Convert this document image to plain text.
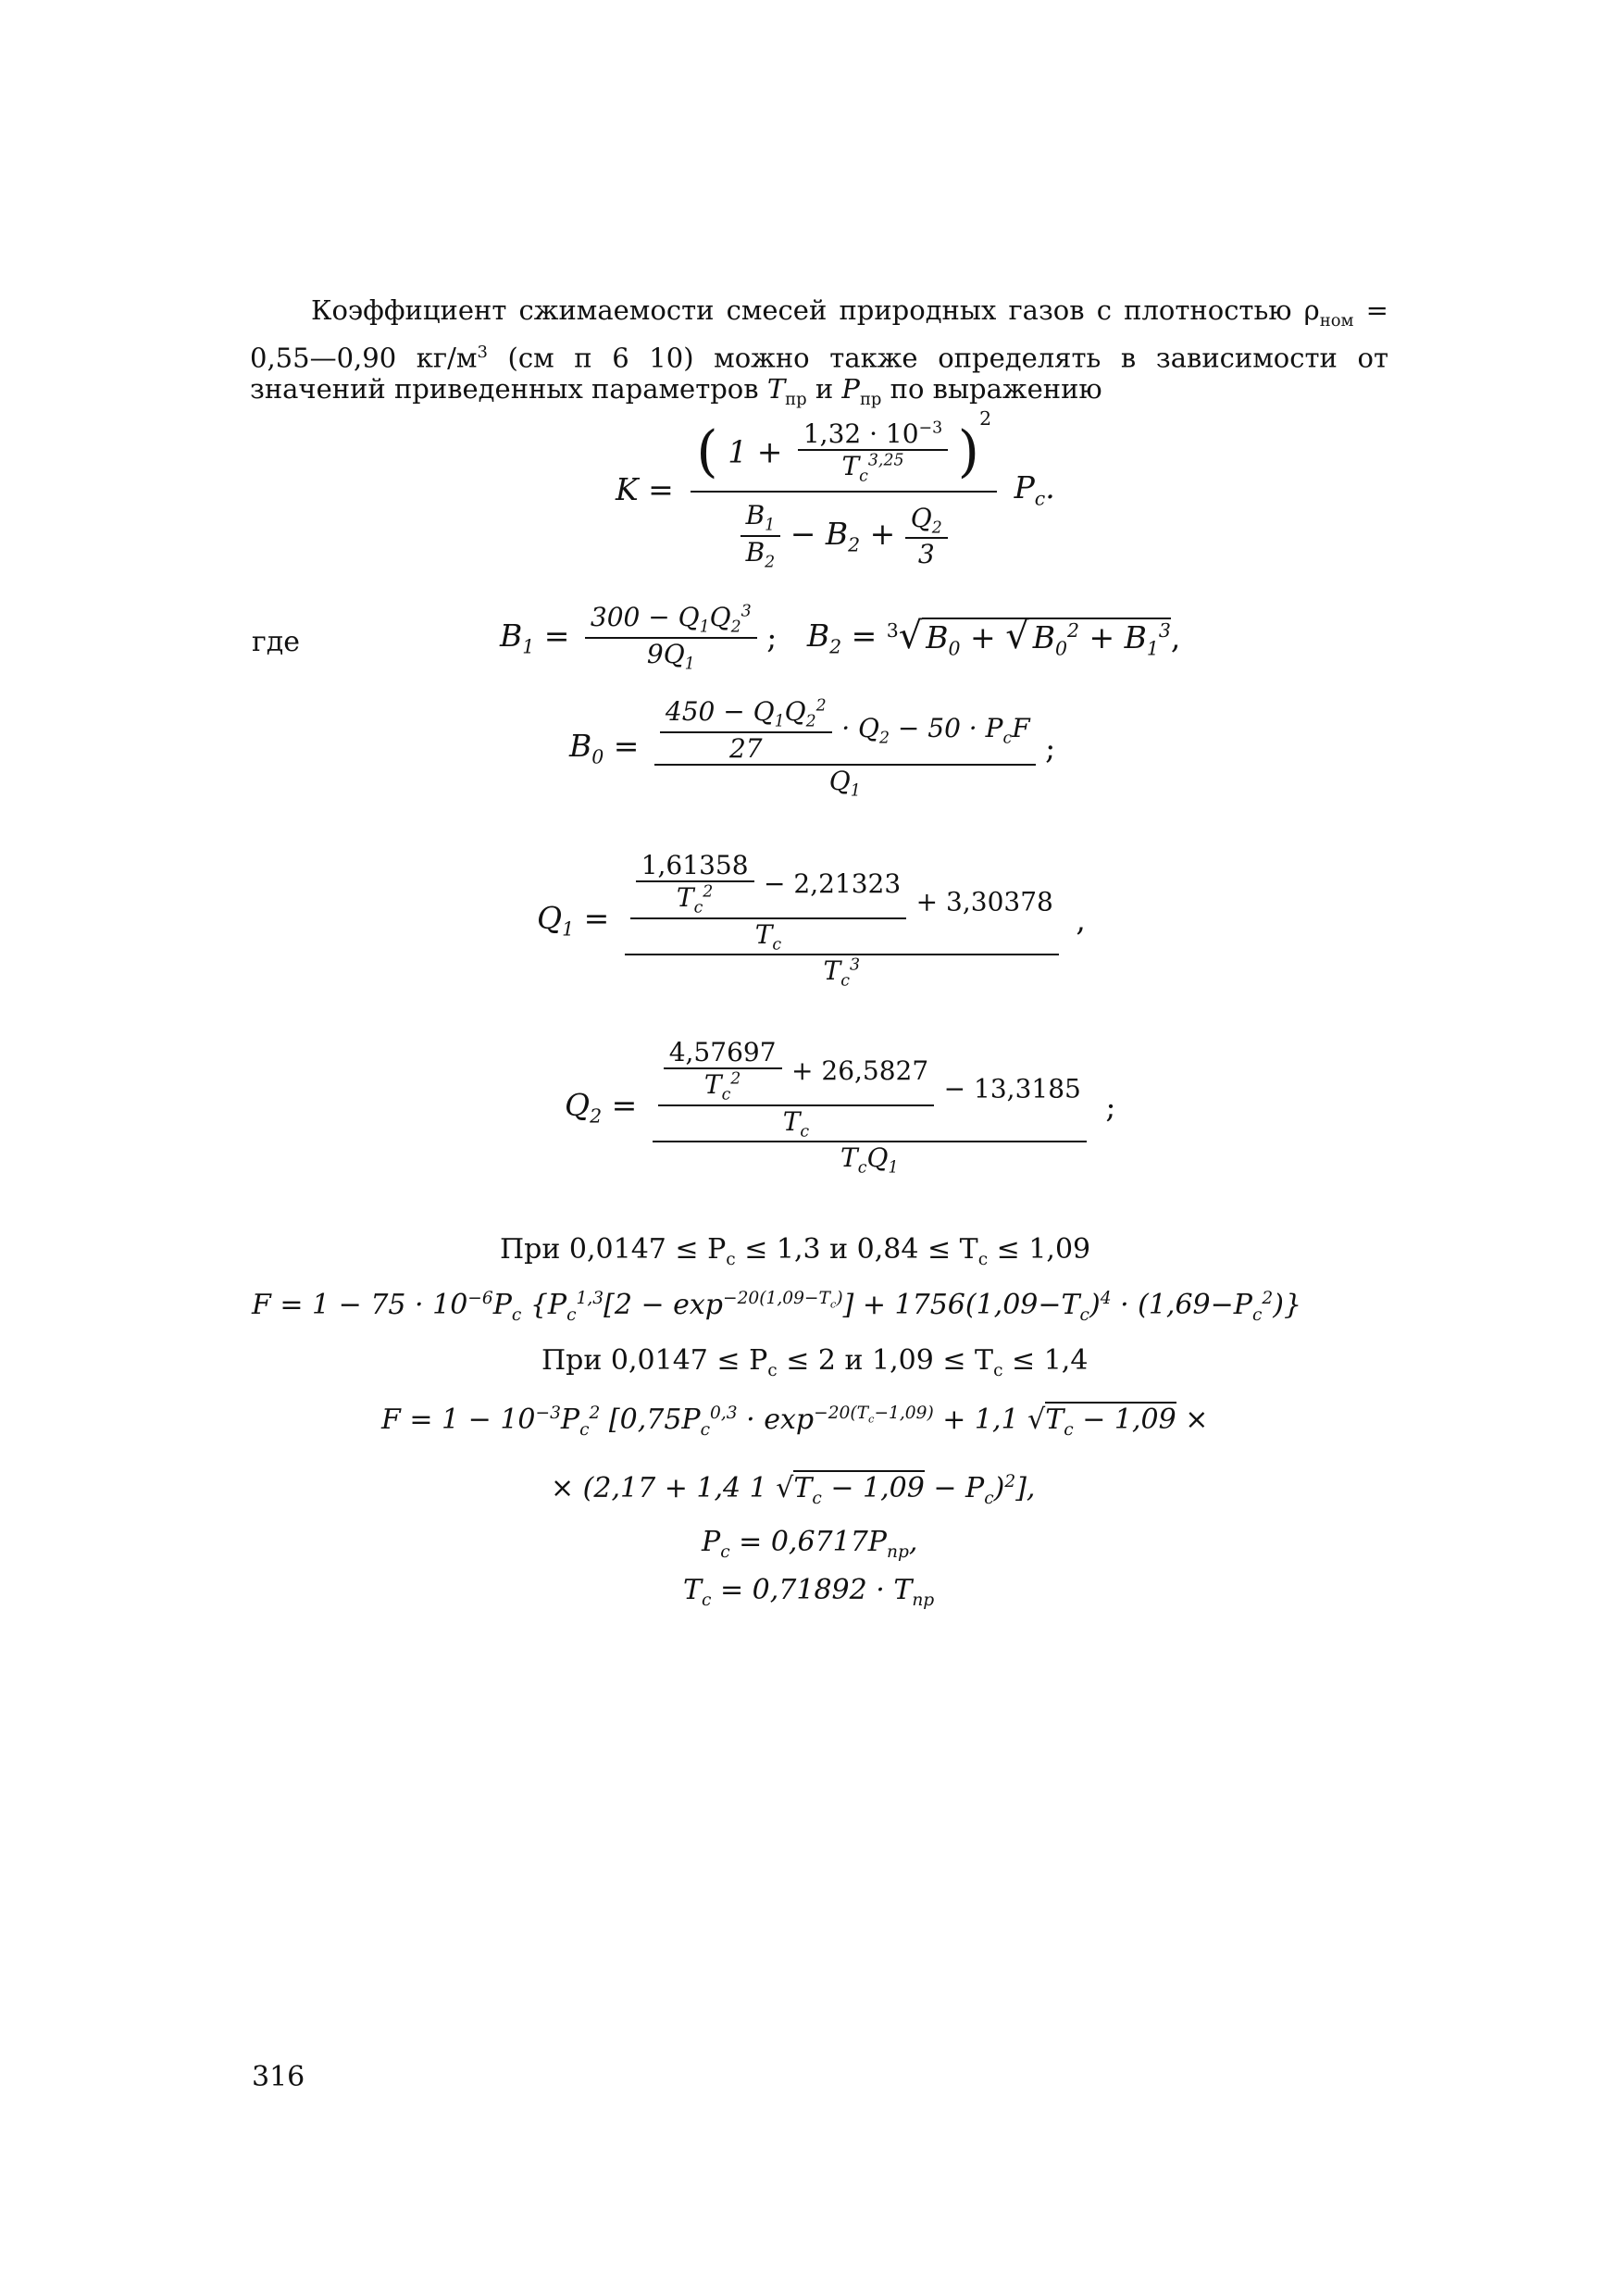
Коэффициент сжимаемости смесей природных газов с плотностью $\rho_{ном}$ = 0,55—0,90 $кг/м^3$ (см п 6 10) можно также определять в зависимости от значений приведенных параметров $T_{пр}$ и $P_{пр}$ по выражению
K =
( $1 + \frac{1,32 \cdot 10^{-3}}{T_c^{3,25}} )^2$
$\frac{B_1}{B_2} - B_2 + \frac{Q_2}{3}$
$P_c$.
где	$B_1 = \frac{300 - Q_1Q_2^3}{9Q_1}$ ; $B_2 = ^3√$ $B_0$ + √ $B_0^2 + B_1^3$,
$B_0 = \frac{\frac{450 - Q_1Q_2^2}{27} \cdot Q_2 - 50 \cdot P_cF}{Q_1}$ ;
$Q_1 = \frac{\frac{1,61358}{T_c^2} - 2,21323}{T_c} + 3,30378$
$T_c^3$
,
$Q_2 = \frac{\frac{4,57697}{T_c^2} + 26,5827}{T_c} - 13,3185$
$T_cQ_1$
;
При $0,0147 \le P_c \le 1,3$ и $0,84 \le T_c \le 1,09$
$F = 1 - 75 \cdot 10^{-6}P_c$ $\{P_c^{1,3}[2 - \exp^{-20(1,09-T_c)}] + 1756(1,09-T_c)^4 \cdot (1,69-P_c^2)\}$
При $0,0147 \le P_c \le 2$ и $1,09 \le T_c \le 1,4$
$F = 1 - 10^{-3}P_c^2$ [$0,75P_c^{0,3} \cdot \exp^{-20(T_c-1,09)} + 1,1$ $√T_c - 1,09$ ×
× (2,17 + 1,4 1 $√T_c - 1,09 - P_c)^2$],
$P_c = 0,6717P_{пр}$,
$T_c = 0,71892 \cdot T_{пр}$
316
